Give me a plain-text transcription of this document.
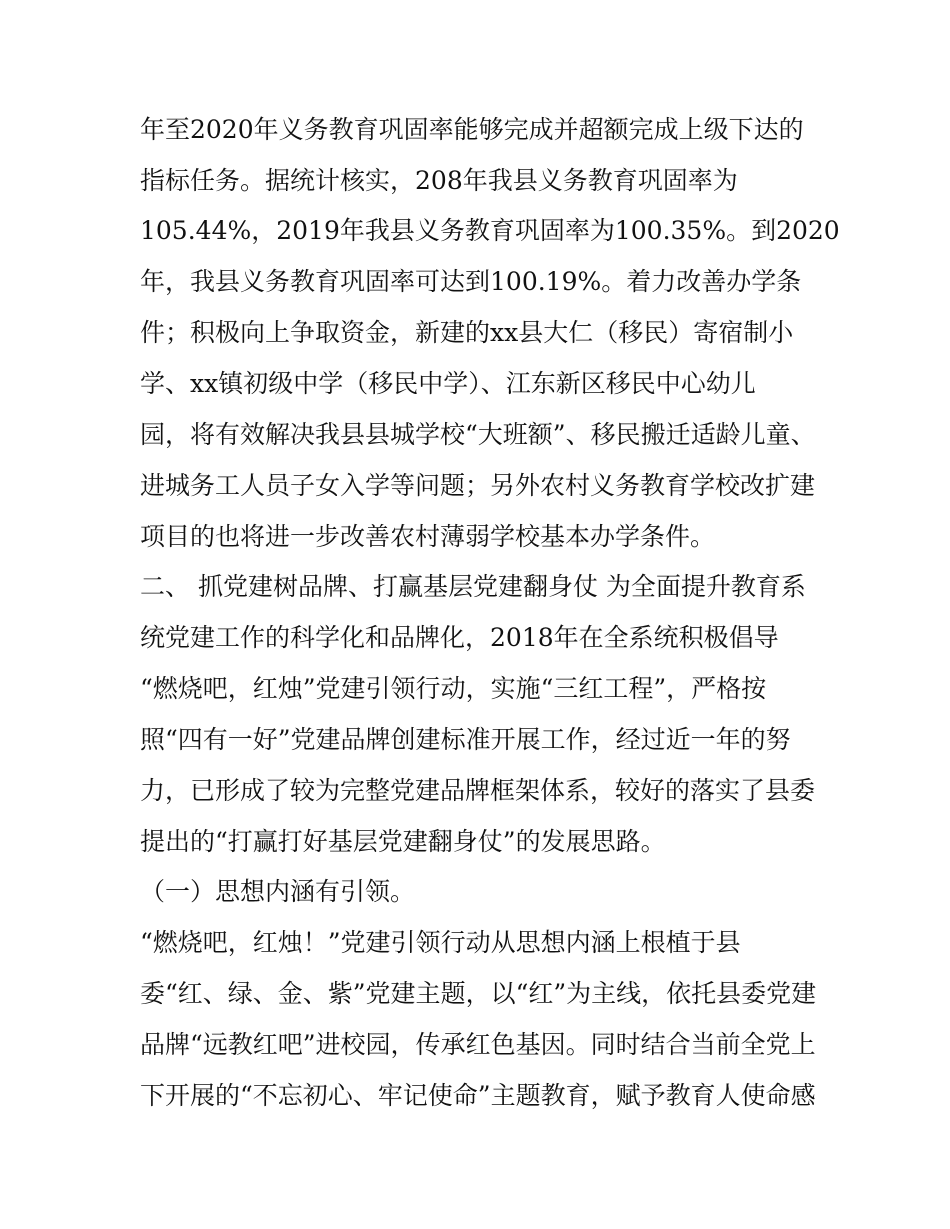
年至2020年义务教育巩固率能够完成并超额完成上级下达的
指标任务。据统计核实，208年我县义务教育巩固率为
105.44%，2019年我县义务教育巩固率为100.35%。到2020
年，我县义务教育巩固率可达到100.19%。着力改善办学条
件；积极向上争取资金，新建的xx县大仁（移民）寄宿制小
学、xx镇初级中学（移民中学）、江东新区移民中心幼儿
园，将有效解决我县县城学校“大班额”、移民搬迁适龄儿童、
进城务工人员子女入学等问题；另外农村义务教育学校改扩建
项目的也将进一步改善农村薄弱学校基本办学条件。
二、 抓党建树品牌、打赢基层党建翻身仗 为全面提升教育系
统党建工作的科学化和品牌化，2018年在全系统积极倡导
“燃烧吧，红烛”党建引领行动，实施“三红工程”，严格按
照“四有一好”党建品牌创建标准开展工作，经过近一年的努
力，已形成了较为完整党建品牌框架体系，较好的落实了县委
提出的“打赢打好基层党建翻身仗”的发展思路。
（一）思想内涵有引领。
“燃烧吧，红烛！”党建引领行动从思想内涵上根植于县
委“红、绿、金、紫”党建主题，以“红”为主线，依托县委党建
品牌“远教红吧”进校园，传承红色基因。同时结合当前全党上
下开展的“不忘初心、牢记使命”主题教育，赋予教育人使命感
